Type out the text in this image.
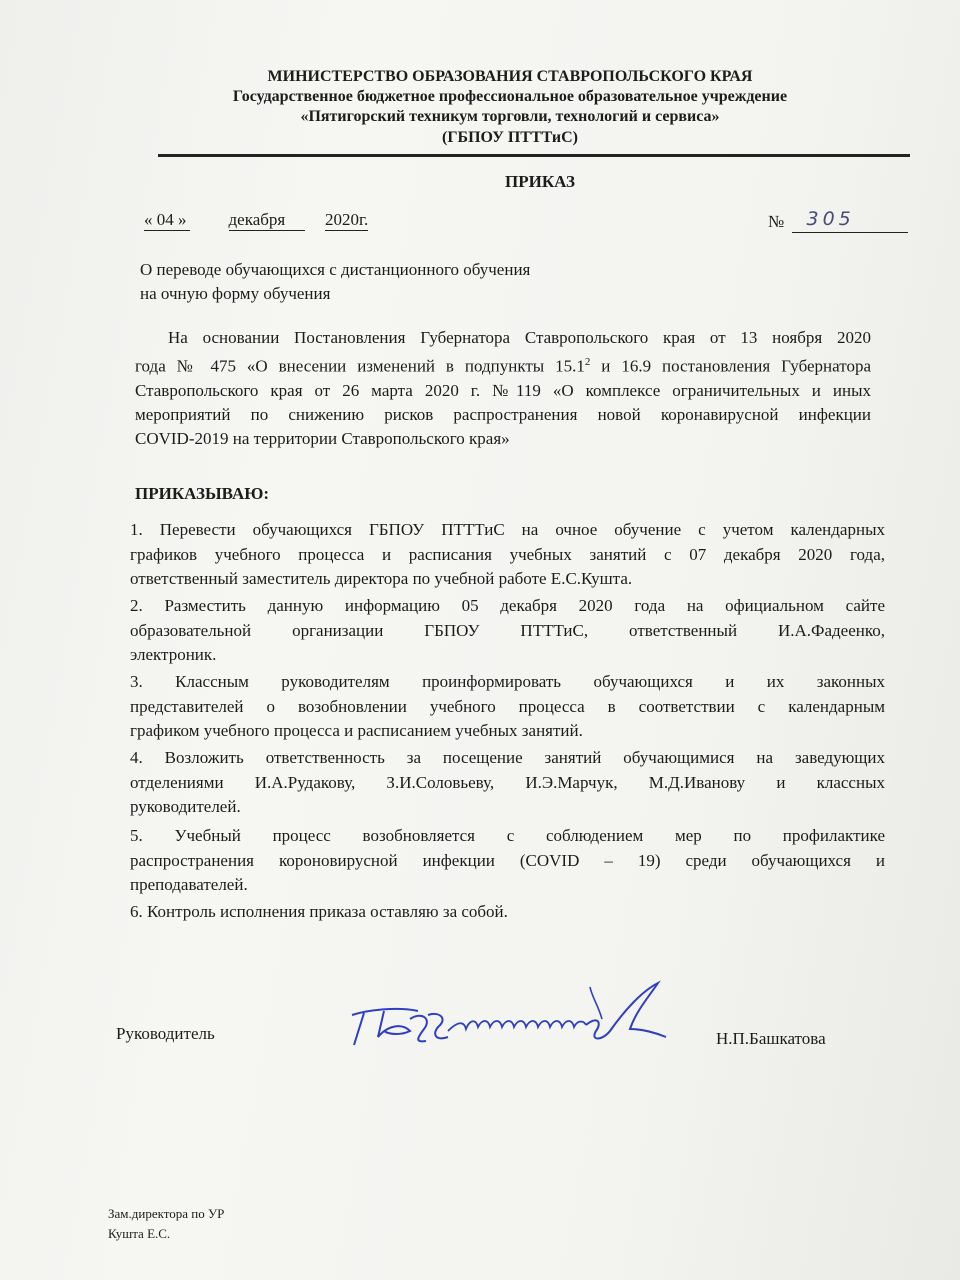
МИНИСТЕРСТВО ОБРАЗОВАНИЯ СТАВРОПОЛЬСКОГО КРАЯ
Государственное бюджетное профессиональное образовательное учреждение
«Пятигорский техникум торговли, технологий и сервиса»
(ГБПОУ ПТТТиС)
ПРИКАЗ
« 04 » декабря 2020г.	№ 305
О переводе обучающихся с дистанционного обучения
на очную форму обучения
На основании Постановления Губернатора Ставропольского края от 13 ноября 2020
года № 475 «О внесении изменений в подпункты 15.1$^2$ и 16.9 постановления Губернатора
Ставропольского края от 26 марта 2020 г. №119 «О комплексе ограничительных и иных
мероприятий по снижению рисков распространения новой коронавирусной инфекции
COVID-2019 на территории Ставропольского края»
ПРИКАЗЫВАЮ:
1. Перевести обучающихся ГБПОУ ПТТТиС на очное обучение с учетом календарных
графиков учебного процесса и расписания учебных занятий с 07 декабря 2020 года,
ответственный заместитель директора по учебной работе Е.С.Кушта.
2. Разместить данную информацию 05 декабря 2020 года на официальном сайте
образовательной организации ГБПОУ ПТТТиС, ответственный И.А.Фадеенко,
электроник.
3. Классным руководителям проинформировать обучающихся и их законных
представителей о возобновлении учебного процесса в соответствии с календарным
графиком учебного процесса и расписанием учебных занятий.
4. Возложить ответственность за посещение занятий обучающимися на заведующих
отделениями И.А.Рудакову, З.И.Соловьеву, И.Э.Марчук, М.Д.Иванову и классных
руководителей.
5. Учебный процесс возобновляется с соблюдением мер по профилактике
распространения короновирусной инфекции (COVID – 19) среди обучающихся и
преподавателей.
6. Контроль исполнения приказа оставляю за собой.
Руководитель	Н.П.Башкатова
Зам.директора по УР
Кушта Е.С.
